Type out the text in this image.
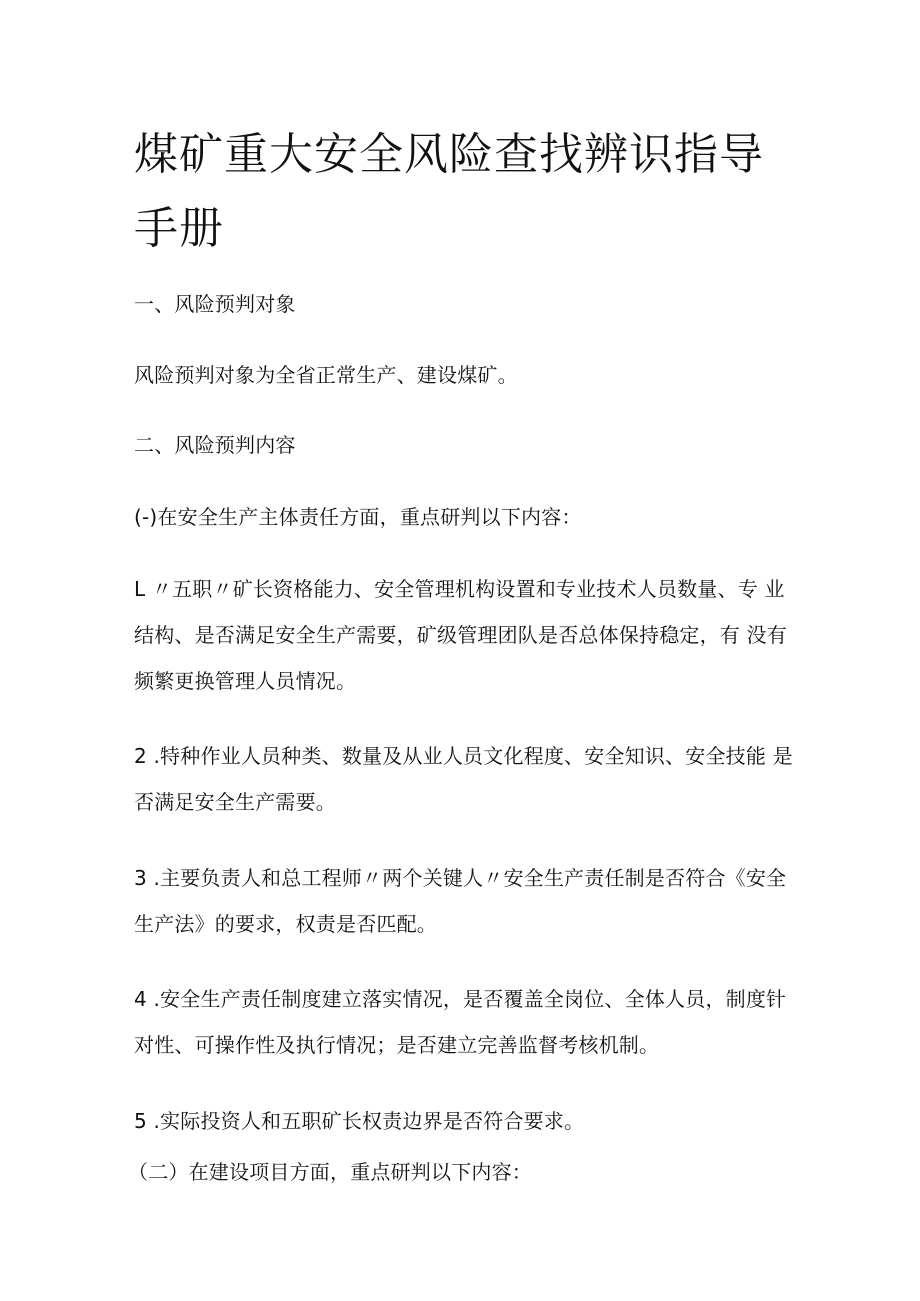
煤矿重大安全风险查找辨识指导手册

一、风险预判对象

风险预判对象为全省正常生产、建设煤矿。

二、风险预判内容

(-)在安全生产主体责任方面，重点研判以下内容：

L 〃五职〃矿长资格能力、安全管理机构设置和专业技术人员数量、专 业结构、是否满足安全生产需要，矿级管理团队是否总体保持稳定，有 没有频繁更换管理人员情况。

2 .特种作业人员种类、数量及从业人员文化程度、安全知识、安全技能 是否满足安全生产需要。

3 .主要负责人和总工程师〃两个关键人〃安全生产责任制是否符合《安全生产法》的要求，权责是否匹配。

4 .安全生产责任制度建立落实情况，是否覆盖全岗位、全体人员，制度针对性、可操作性及执行情况；是否建立完善监督考核机制。

5 .实际投资人和五职矿长权责边界是否符合要求。

（二）在建设项目方面，重点研判以下内容：
